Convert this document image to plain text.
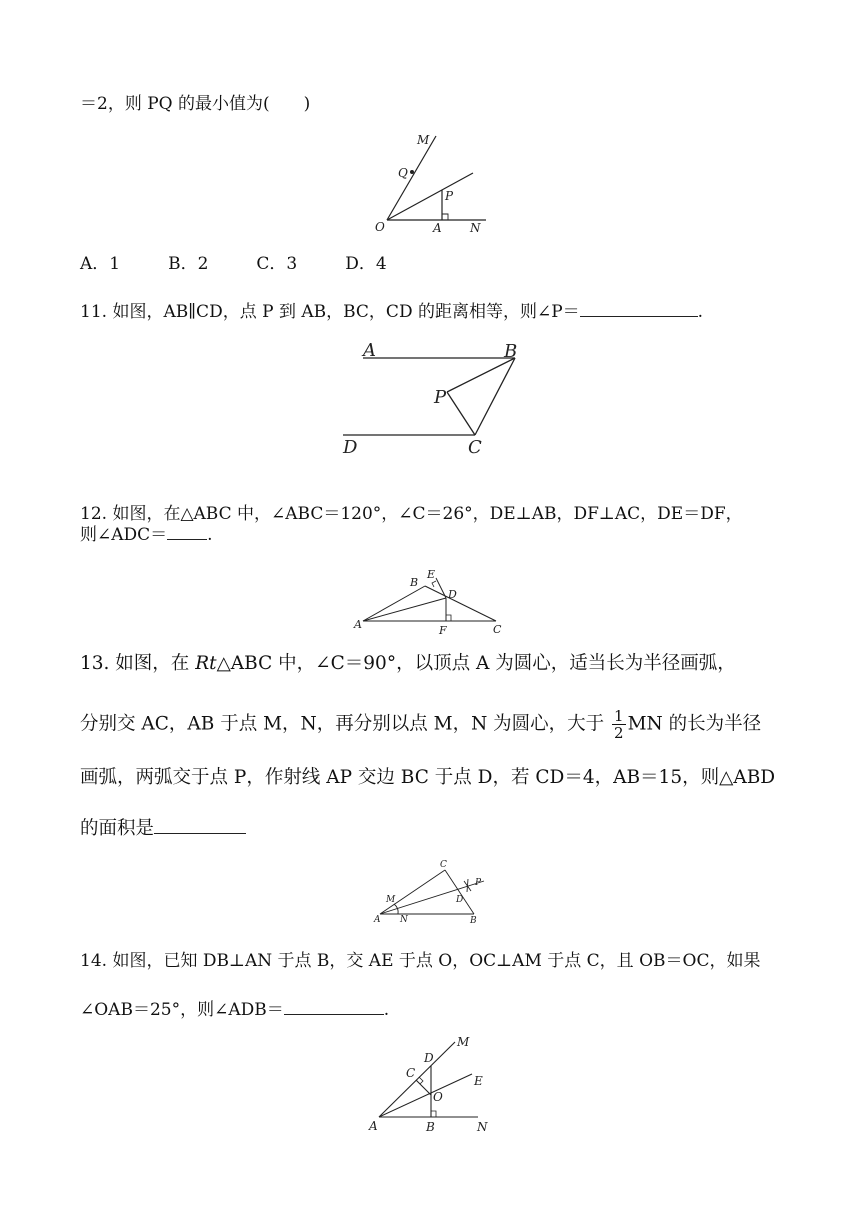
＝2，则 PQ 的最小值为(　　)
M
Q
P
O	A N
A．1	B．2	C．3	D．4
11. 如图，AB∥CD，点 P 到 AB，BC，CD 的距离相等，则∠P＝	.
A	B
P
D	C
12. 如图，在△ABC 中，∠ABC＝120°，∠C＝26°，DE⊥AB，DF⊥AC，DE＝DF，
则∠ADC＝ .
A
B
E
D
F	C
13. 如图，在 Rt△ABC 中，∠C＝90°，以顶点 A 为圆心，适当长为半径画弧，
分别交 AC，AB 于点 M，N，再分别以点 M，N 为圆心，大于 $\frac{1}{2}$ MN 的长为半径
画弧，两弧交于点 P，作射线 AP 交边 BC 于点 D，若 CD＝4，AB＝15，则△ABD
的面积是
C
M
P
D
A N	B
14. 如图，已知 DB⊥AN 于点 B，交 AE 于点 O，OC⊥AM 于点 C，且 OB＝OC，如果
∠OAB＝25°，则∠ADB＝	.
D
M
C
E
O
A	B	N
